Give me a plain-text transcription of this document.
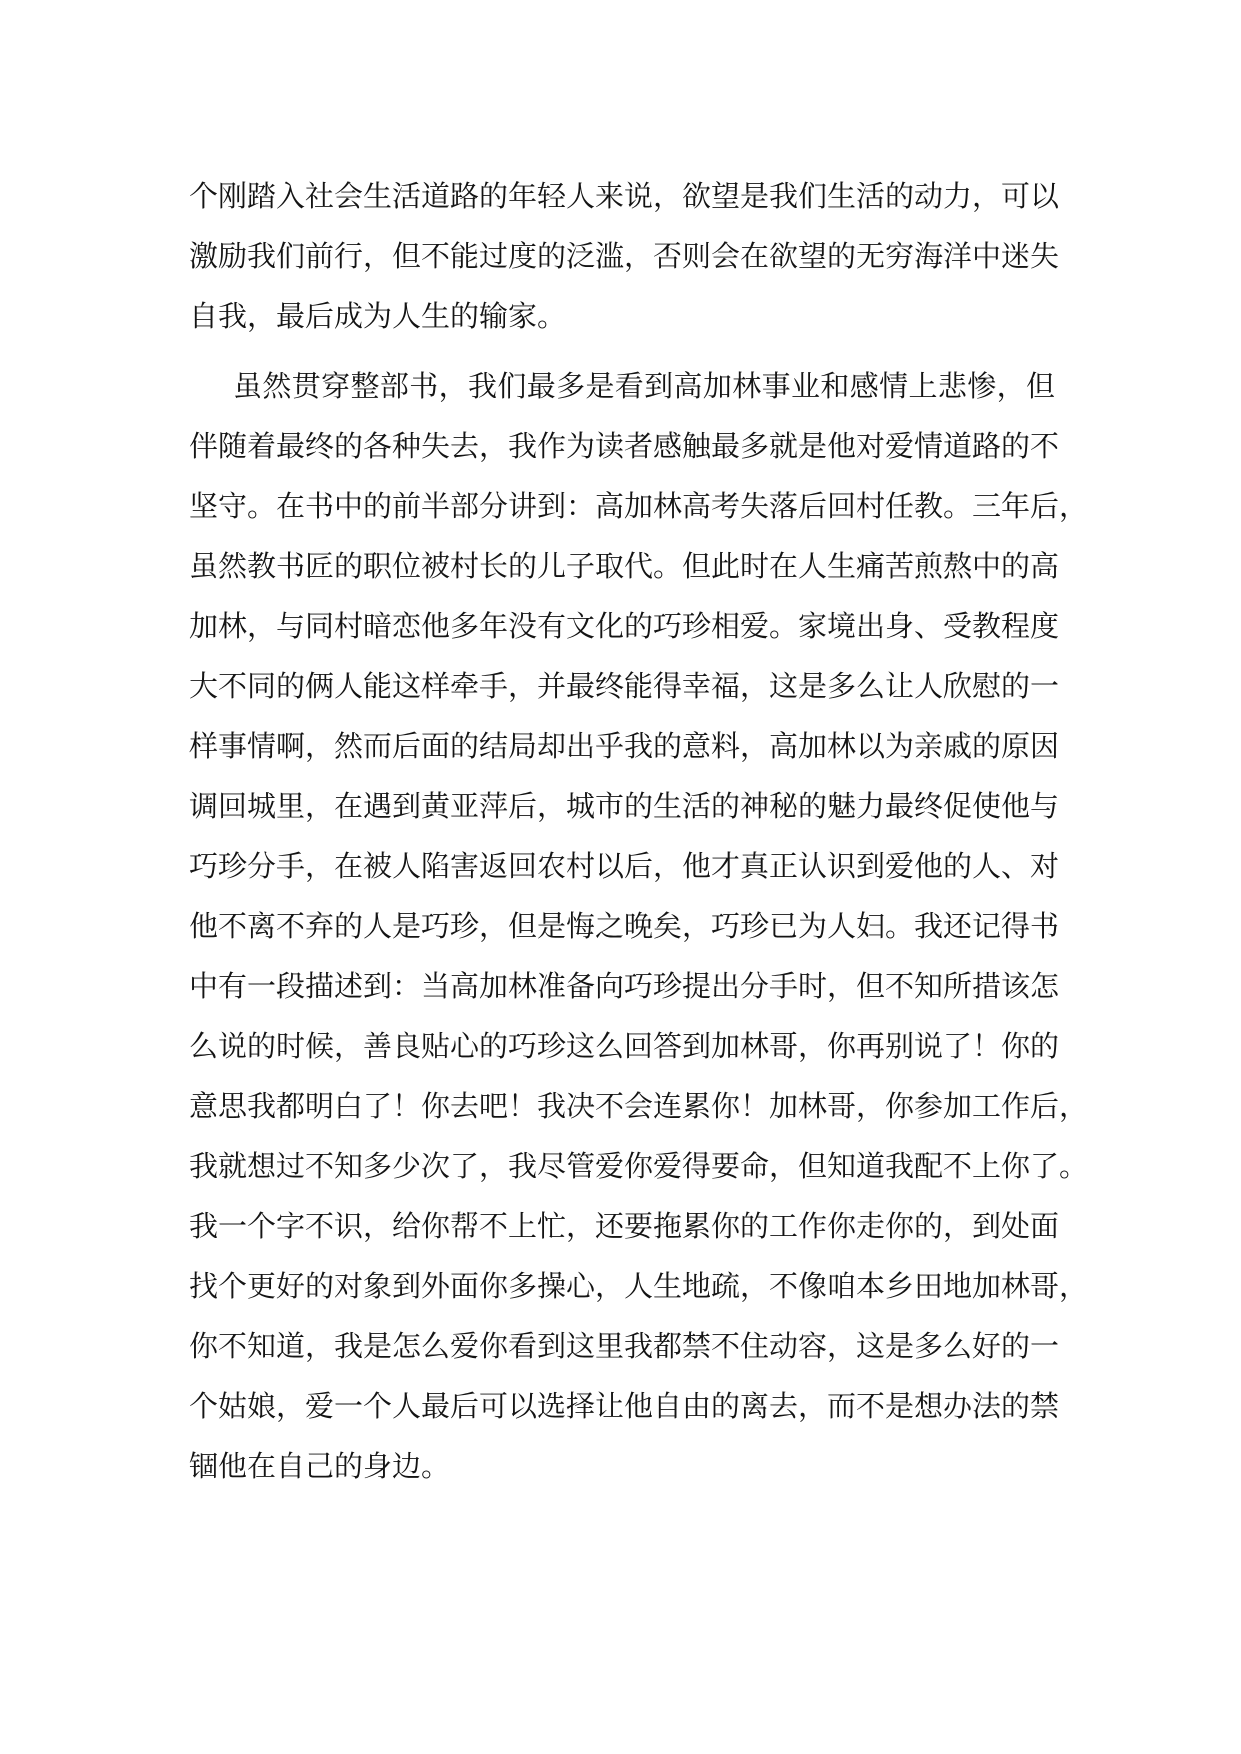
个刚踏入社会生活道路的年轻人来说，欲望是我们生活的动力，可以
激励我们前行，但不能过度的泛滥，否则会在欲望的无穷海洋中迷失
自我，最后成为人生的输家。
虽然贯穿整部书，我们最多是看到高加林事业和感情上悲惨，但
伴随着最终的各种失去，我作为读者感触最多就是他对爱情道路的不
坚守。在书中的前半部分讲到：高加林高考失落后回村任教。三年后，
虽然教书匠的职位被村长的儿子取代。但此时在人生痛苦煎熬中的高
加林，与同村暗恋他多年没有文化的巧珍相爱。家境出身、受教程度
大不同的俩人能这样牵手，并最终能得幸福，这是多么让人欣慰的一
样事情啊，然而后面的结局却出乎我的意料，高加林以为亲戚的原因
调回城里，在遇到黄亚萍后，城市的生活的神秘的魅力最终促使他与
巧珍分手，在被人陷害返回农村以后，他才真正认识到爱他的人、对
他不离不弃的人是巧珍，但是悔之晚矣，巧珍已为人妇。我还记得书
中有一段描述到：当高加林准备向巧珍提出分手时，但不知所措该怎
么说的时候，善良贴心的巧珍这么回答到加林哥，你再别说了！你的
意思我都明白了！你去吧！我决不会连累你！加林哥，你参加工作后，
我就想过不知多少次了，我尽管爱你爱得要命，但知道我配不上你了。
我一个字不识，给你帮不上忙，还要拖累你的工作你走你的，到处面
找个更好的对象到外面你多操心，人生地疏，不像咱本乡田地加林哥，
你不知道，我是怎么爱你看到这里我都禁不住动容，这是多么好的一
个姑娘，爱一个人最后可以选择让他自由的离去，而不是想办法的禁
锢他在自己的身边。
